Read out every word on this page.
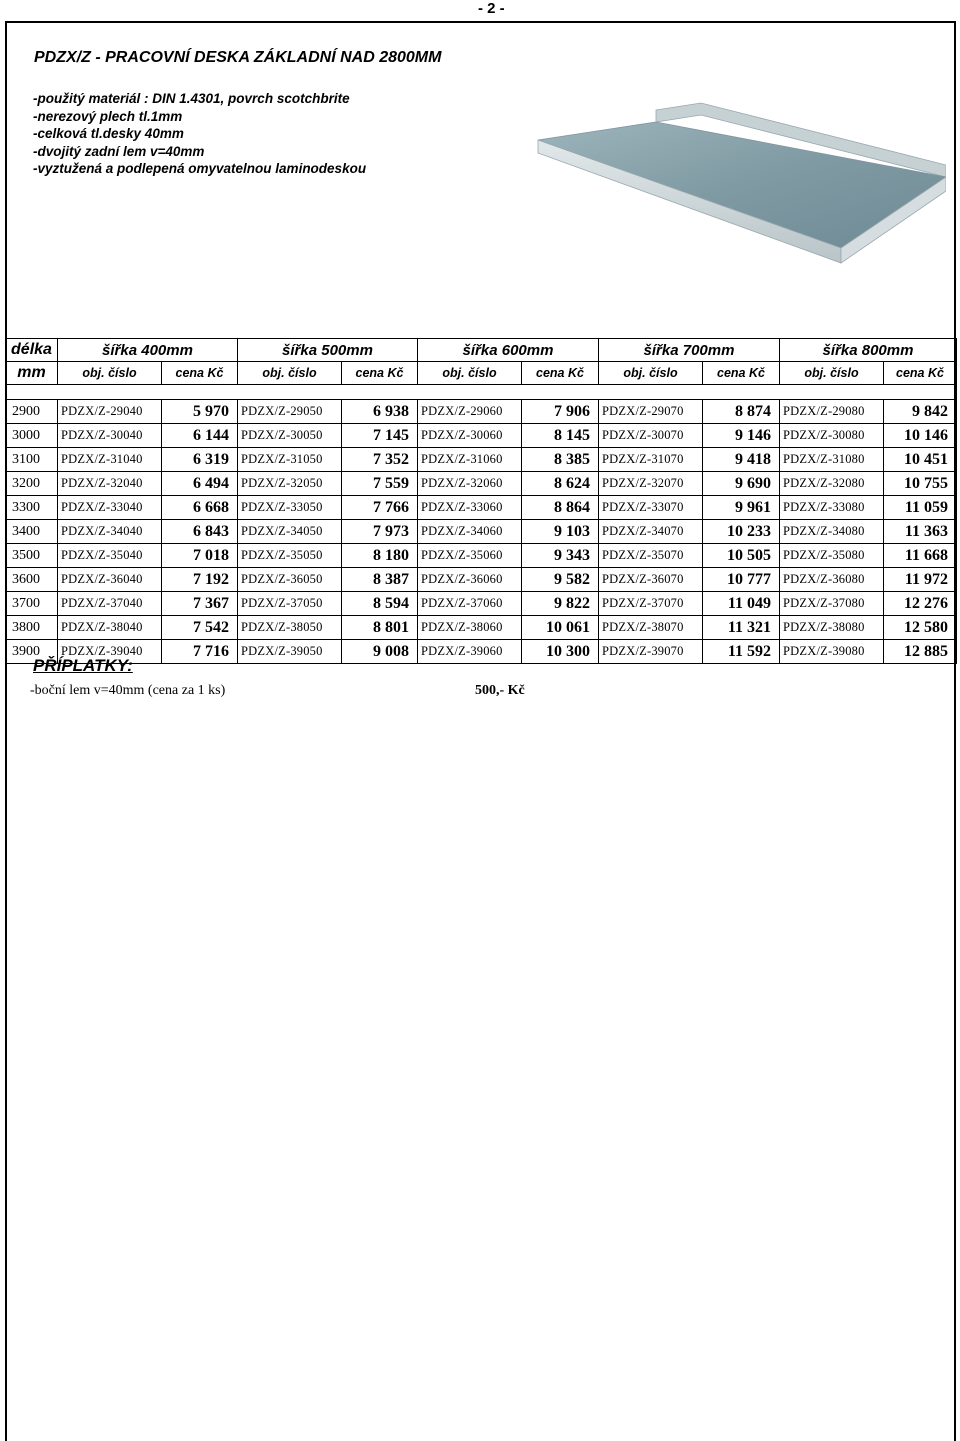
- 2 -
PDZX/Z - PRACOVNÍ DESKA ZÁKLADNÍ NAD 2800MM
-použitý materiál : DIN 1.4301, povrch scotchbrite
-nerezový plech tl.1mm
-celková tl.desky 40mm
-dvojitý zadní lem v=40mm
-vyztužená a podlepená omyvatelnou laminodeskou
délka	šířka 400mm		šířka 500mm		šířka 600mm		šířka 700mm		šířka 800mm	
mm	obj. číslo	cena Kč	obj. číslo	cena Kč	obj. číslo	cena Kč	obj. číslo	cena Kč	obj. číslo	cena Kč

2900	PDZX/Z-29040	5 970	PDZX/Z-29050	6 938	PDZX/Z-29060	7 906	PDZX/Z-29070	8 874	PDZX/Z-29080	9 842
3000	PDZX/Z-30040	6 144	PDZX/Z-30050	7 145	PDZX/Z-30060	8 145	PDZX/Z-30070	9 146	PDZX/Z-30080	10 146
3100	PDZX/Z-31040	6 319	PDZX/Z-31050	7 352	PDZX/Z-31060	8 385	PDZX/Z-31070	9 418	PDZX/Z-31080	10 451
3200	PDZX/Z-32040	6 494	PDZX/Z-32050	7 559	PDZX/Z-32060	8 624	PDZX/Z-32070	9 690	PDZX/Z-32080	10 755
3300	PDZX/Z-33040	6 668	PDZX/Z-33050	7 766	PDZX/Z-33060	8 864	PDZX/Z-33070	9 961	PDZX/Z-33080	11 059
3400	PDZX/Z-34040	6 843	PDZX/Z-34050	7 973	PDZX/Z-34060	9 103	PDZX/Z-34070	10 233	PDZX/Z-34080	11 363
3500	PDZX/Z-35040	7 018	PDZX/Z-35050	8 180	PDZX/Z-35060	9 343	PDZX/Z-35070	10 505	PDZX/Z-35080	11 668
3600	PDZX/Z-36040	7 192	PDZX/Z-36050	8 387	PDZX/Z-36060	9 582	PDZX/Z-36070	10 777	PDZX/Z-36080	11 972
3700	PDZX/Z-37040	7 367	PDZX/Z-37050	8 594	PDZX/Z-37060	9 822	PDZX/Z-37070	11 049	PDZX/Z-37080	12 276
3800	PDZX/Z-38040	7 542	PDZX/Z-38050	8 801	PDZX/Z-38060	10 061	PDZX/Z-38070	11 321	PDZX/Z-38080	12 580
3900	PDZX/Z-39040	7 716	PDZX/Z-39050	9 008	PDZX/Z-39060	10 300	PDZX/Z-39070	11 592	PDZX/Z-39080	12 885
PŘÍPLATKY:
-boční lem v=40mm (cena za 1 ks)	500,- Kč
